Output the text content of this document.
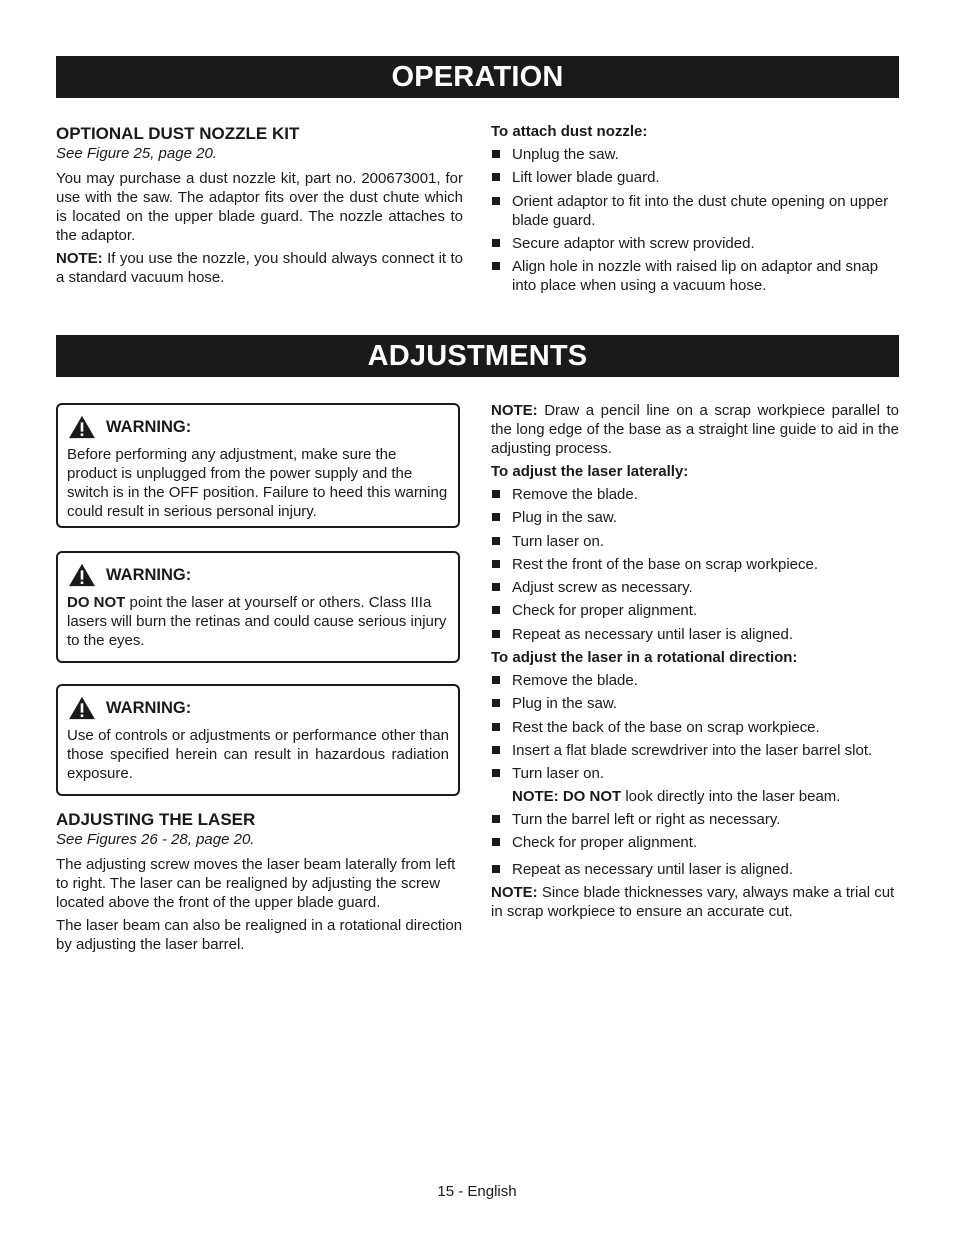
OPERATION
OPTIONAL DUST NOZZLE KIT

See Figure 25, page 20.

You may purchase a dust nozzle kit, part no. 200673001, for use with the saw. The adaptor fits over the dust chute which is located on the upper blade guard. The nozzle attaches to the adaptor.

NOTE: If you use the nozzle, you should always connect it to a standard vacuum hose.

To attach dust nozzle:

Unplug the saw.
Lift lower blade guard.
Orient adaptor to fit into the dust chute opening on upper blade guard.
Secure adaptor with screw provided.
Align hole in nozzle with raised lip on adaptor and snap into place when using a vacuum hose.
ADJUSTMENTS
WARNING:

Before performing any adjustment, make sure the product is unplugged from the power supply and the switch is in the OFF position. Failure to heed this warning could result in serious personal injury.

WARNING:

DO NOT point the laser at yourself or others. Class IIIa lasers will burn the retinas and could cause serious injury to the eyes.

WARNING:

Use of controls or adjustments or performance other than those specified herein can result in hazardous radiation exposure.

ADJUSTING THE LASER

See Figures 26 - 28, page 20.

The adjusting screw moves the laser beam laterally from left to right. The laser can be realigned by adjusting the screw located above the front of the upper blade guard.

The laser beam can also be realigned in a rotational direction by adjusting the laser barrel.

NOTE: Draw a pencil line on a scrap workpiece parallel to the long edge of the base as a straight line guide to aid in the adjusting process.

To adjust the laser laterally:

Remove the blade.
Plug in the saw.
Turn laser on.
Rest the front of the base on scrap workpiece.
Adjust screw as necessary.
Check for proper alignment.
Repeat as necessary until laser is aligned.

To adjust the laser in a rotational direction:

Remove the blade.
Plug in the saw.
Rest the back of the base on scrap workpiece.
Insert a flat blade screwdriver into the laser barrel slot.
Turn laser on.

NOTE: DO NOT look directly into the laser beam.

Turn the barrel left or right as necessary.
Check for proper alignment.
Repeat as necessary until laser is aligned.

NOTE: Since blade thicknesses vary, always make a trial cut in scrap workpiece to ensure an accurate cut.

15 - English
